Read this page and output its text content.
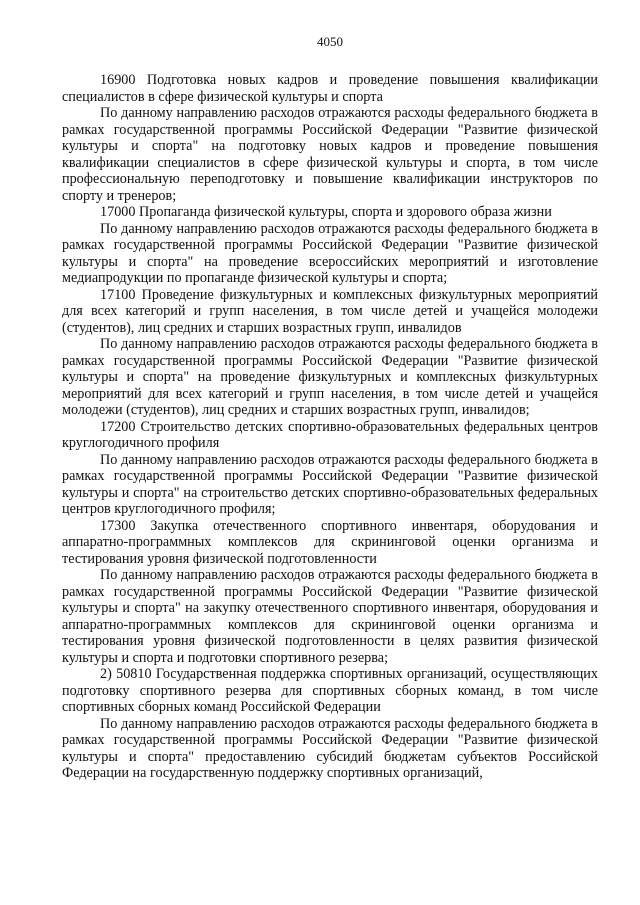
4050

16900 Подготовка новых кадров и проведение повышения квалификации специалистов в сфере физической культуры и спорта

По данному направлению расходов отражаются расходы федерального бюджета в рамках государственной программы Российской Федерации "Развитие физической культуры и спорта" на подготовку новых кадров и проведение повышения квалификации специалистов в сфере физической культуры и спорта, в том числе профессиональную переподготовку и повышение квалификации инструкторов по спорту и тренеров;

17000 Пропаганда физической культуры, спорта и здорового образа жизни

По данному направлению расходов отражаются расходы федерального бюджета в рамках государственной программы Российской Федерации "Развитие физической культуры и спорта" на проведение всероссийских мероприятий и изготовление медиапродукции по пропаганде физической культуры и спорта;

17100 Проведение физкультурных и комплексных физкультурных мероприятий для всех категорий и групп населения, в том числе детей и учащейся молодежи (студентов), лиц средних и старших возрастных групп, инвалидов

По данному направлению расходов отражаются расходы федерального бюджета в рамках государственной программы Российской Федерации "Развитие физической культуры и спорта" на проведение физкультурных и комплексных физкультурных мероприятий для всех категорий и групп населения, в том числе детей и учащейся молодежи (студентов), лиц средних и старших возрастных групп, инвалидов;

17200 Строительство детских спортивно-образовательных федеральных центров круглогодичного профиля

По данному направлению расходов отражаются расходы федерального бюджета в рамках государственной программы Российской Федерации "Развитие физической культуры и спорта" на строительство детских спортивно-образовательных федеральных центров круглогодичного профиля;

17300 Закупка отечественного спортивного инвентаря, оборудования и аппаратно-программных комплексов для скрининговой оценки организма и тестирования уровня физической подготовленности

По данному направлению расходов отражаются расходы федерального бюджета в рамках государственной программы Российской Федерации "Развитие физической культуры и спорта" на закупку отечественного спортивного инвентаря, оборудования и аппаратно-программных комплексов для скрининговой оценки организма и тестирования уровня физической подготовленности в целях развития физической культуры и спорта и подготовки спортивного резерва;

2) 50810 Государственная поддержка спортивных организаций, осуществляющих подготовку спортивного резерва для спортивных сборных команд, в том числе спортивных сборных команд Российской Федерации

По данному направлению расходов отражаются расходы федерального бюджета в рамках государственной программы Российской Федерации "Развитие физической культуры и спорта" предоставлению субсидий бюджетам субъектов Российской Федерации на государственную поддержку спортивных организаций,
